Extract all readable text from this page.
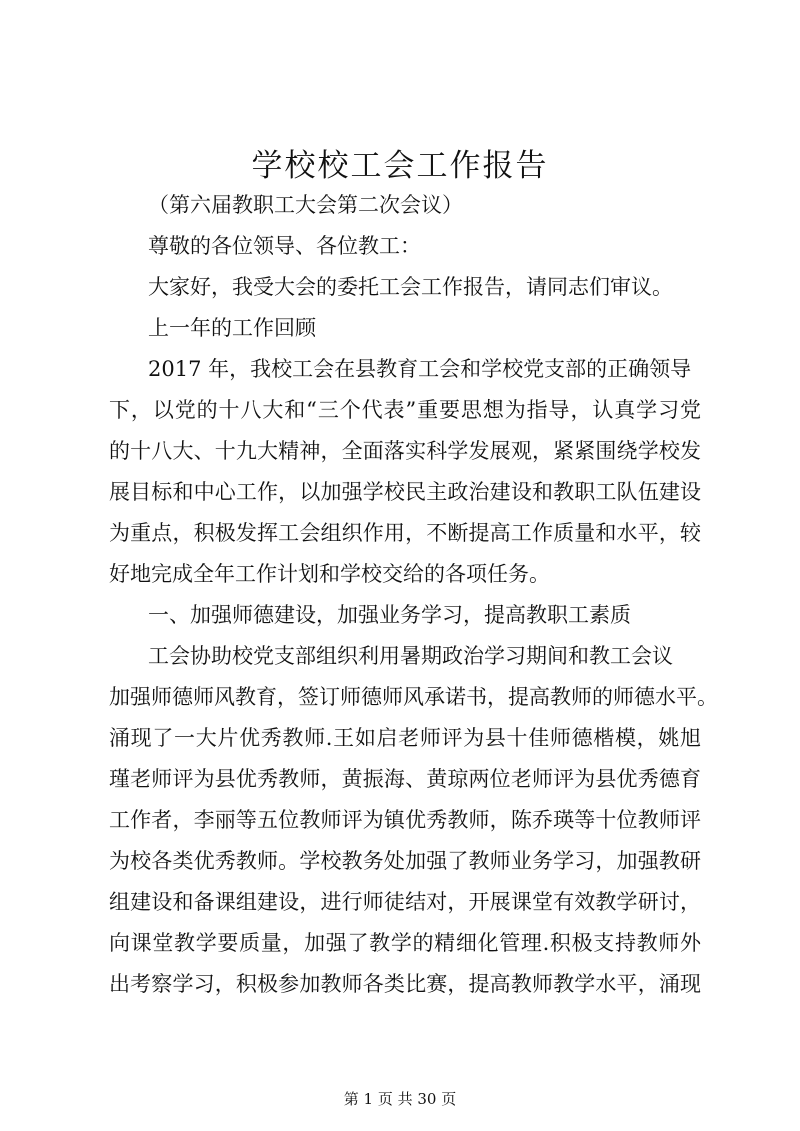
学校校工会工作报告
（第六届教职工大会第二次会议）
尊敬的各位领导、各位教工：
大家好，我受大会的委托工会工作报告，请同志们审议。
上一年的工作回顾
2017 年，我校工会在县教育工会和学校党支部的正确领导
下，以党的十八大和“三个代表”重要思想为指导，认真学习党
的十八大、十九大精神，全面落实科学发展观，紧紧围绕学校发
展目标和中心工作，以加强学校民主政治建设和教职工队伍建设
为重点，积极发挥工会组织作用，不断提高工作质量和水平，较
好地完成全年工作计划和学校交给的各项任务。
一、加强师德建设，加强业务学习，提高教职工素质
工会协助校党支部组织利用暑期政治学习期间和教工会议
加强师德师风教育，签订师德师风承诺书，提高教师的师德水平。
涌现了一大片优秀教师.王如启老师评为县十佳师德楷模，姚旭
瑾老师评为县优秀教师，黄振海、黄琼两位老师评为县优秀德育
工作者，李丽等五位教师评为镇优秀教师，陈乔瑛等十位教师评
为校各类优秀教师。学校教务处加强了教师业务学习，加强教研
组建设和备课组建设，进行师徒结对，开展课堂有效教学研讨，
向课堂教学要质量，加强了教学的精细化管理.积极支持教师外
出考察学习，积极参加教师各类比赛，提高教师教学水平，涌现
第 1 页 共 30 页
